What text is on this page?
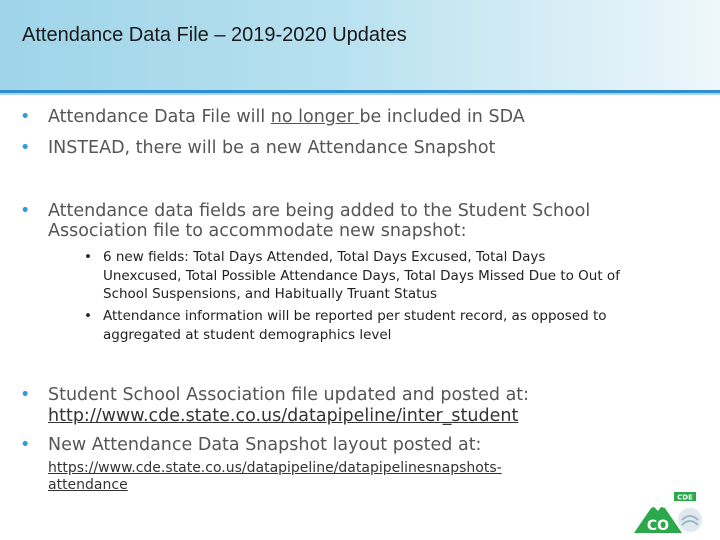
Attendance Data File – 2019-2020 Updates
• Attendance Data File will no longer be included in SDA
• INSTEAD, there will be a new Attendance Snapshot
• Attendance data fields are being added to the Student School
Association file to accommodate new snapshot:
• 6 new fields: Total Days Attended, Total Days Excused, Total Days
Unexcused, Total Possible Attendance Days, Total Days Missed Due to Out of
School Suspensions, and Habitually Truant Status
• Attendance information will be reported per student record, as opposed to
aggregated at student demographics level
• Student School Association file updated and posted at:
http://www.cde.state.co.us/datapipeline/inter_student
• New Attendance Data Snapshot layout posted at:
https://www.cde.state.co.us/datapipeline/datapipelinesnapshots-
attendance
CDE
CO
